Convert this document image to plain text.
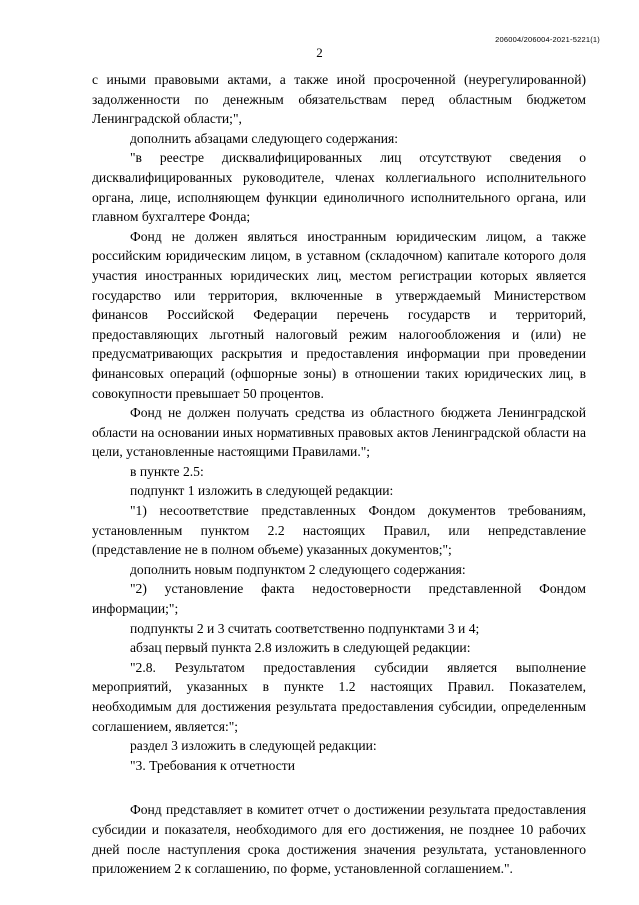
206004/206004-2021-5221(1)
2

с иными правовыми актами, а также иной просроченной (неурегулированной) задолженности по денежным обязательствам перед областным бюджетом Ленинградской области;",

дополнить абзацами следующего содержания:

"в реестре дисквалифицированных лиц отсутствуют сведения о дисквалифицированных руководителе, членах коллегиального исполнительного органа, лице, исполняющем функции единоличного исполнительного органа, или главном бухгалтере Фонда;

Фонд не должен являться иностранным юридическим лицом, а также российским юридическим лицом, в уставном (складочном) капитале которого доля участия иностранных юридических лиц, местом регистрации которых является государство или территория, включенные в утверждаемый Министерством финансов Российской Федерации перечень государств и территорий, предоставляющих льготный налоговый режим налогообложения и (или) не предусматривающих раскрытия и предоставления информации при проведении финансовых операций (офшорные зоны) в отношении таких юридических лиц, в совокупности превышает 50 процентов.

Фонд не должен получать средства из областного бюджета Ленинградской области на основании иных нормативных правовых актов Ленинградской области на цели, установленные настоящими Правилами.";

в пункте 2.5:

подпункт 1 изложить в следующей редакции:

"1) несоответствие представленных Фондом документов требованиям, установленным пунктом 2.2 настоящих Правил, или непредставление (представление не в полном объеме) указанных документов;";

дополнить новым подпунктом 2 следующего содержания:

"2) установление факта недостоверности представленной Фондом информации;";

подпункты 2 и 3 считать соответственно подпунктами 3 и 4;

абзац первый пункта 2.8 изложить в следующей редакции:

"2.8. Результатом предоставления субсидии является выполнение мероприятий, указанных в пункте 1.2 настоящих Правил. Показателем, необходимым для достижения результата предоставления субсидии, определенным соглашением, является:";

раздел 3 изложить в следующей редакции:

"3. Требования к отчетности

Фонд представляет в комитет отчет о достижении результата предоставления субсидии и показателя, необходимого для его достижения, не позднее 10 рабочих дней после наступления срока достижения значения результата, установленного приложением 2 к соглашению, по форме, установленной соглашением.".
